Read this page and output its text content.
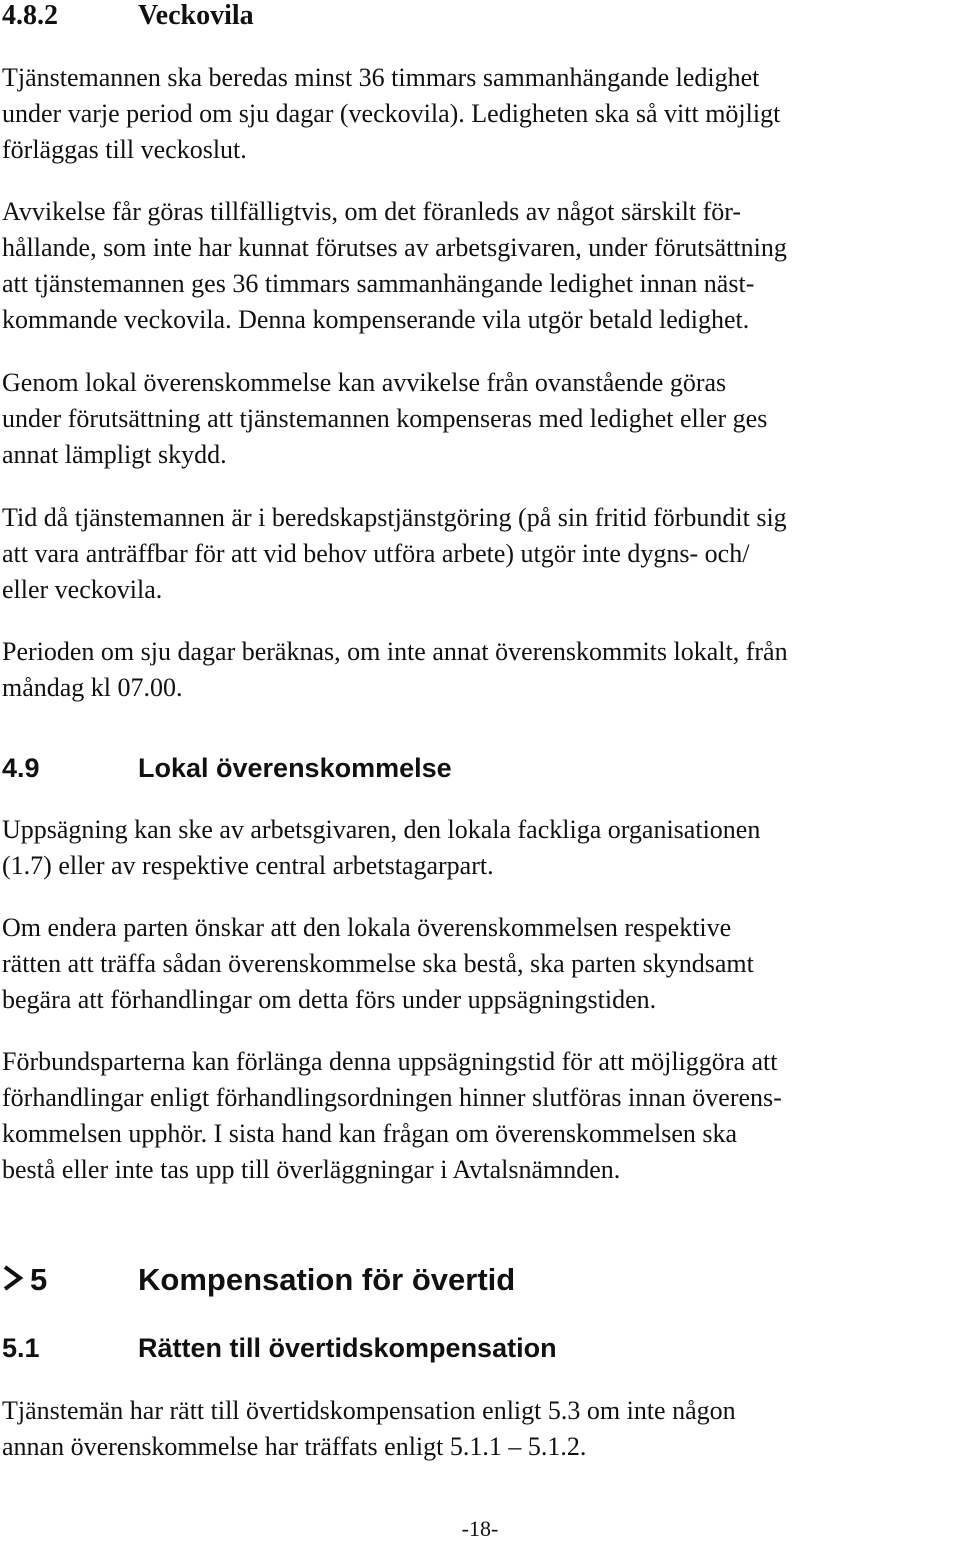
4.8.2	Veckovila

Tjänstemannen ska beredas minst 36 timmars sammanhängande ledighet
under varje period om sju dagar (veckovila). Ledigheten ska så vitt möjligt
förläggas till veckoslut.

Avvikelse får göras tillfälligtvis, om det föranleds av något särskilt för-
hållande, som inte har kunnat förutses av arbetsgivaren, under förutsättning
att tjänstemannen ges 36 timmars sammanhängande ledighet innan näst-
kommande veckovila. Denna kompenserande vila utgör betald ledighet.

Genom lokal överenskommelse kan avvikelse från ovanstående göras
under förutsättning att tjänstemannen kompenseras med ledighet eller ges
annat lämpligt skydd.

Tid då tjänstemannen är i beredskapstjänstgöring (på sin fritid förbundit sig
att vara anträffbar för att vid behov utföra arbete) utgör inte dygns- och/
eller veckovila.

Perioden om sju dagar beräknas, om inte annat överenskommits lokalt, från
måndag kl 07.00.

4.9	Lokal överenskommelse

Uppsägning kan ske av arbetsgivaren, den lokala fackliga organisationen
(1.7) eller av respektive central arbetstagarpart.

Om endera parten önskar att den lokala överenskommelsen respektive
rätten att träffa sådan överenskommelse ska bestå, ska parten skyndsamt
begära att förhandlingar om detta förs under uppsägningstiden.

Förbundsparterna kan förlänga denna uppsägningstid för att möjliggöra att
förhandlingar enligt förhandlingsordningen hinner slutföras innan överens-
kommelsen upphör. I sista hand kan frågan om överenskommelsen ska
bestå eller inte tas upp till överläggningar i Avtalsnämnden.

5	Kompensation för övertid
5.1	Rätten till övertidskompensation

Tjänstemän har rätt till övertidskompensation enligt 5.3 om inte någon
annan överenskommelse har träffats enligt 5.1.1 – 5.1.2.

-18-
